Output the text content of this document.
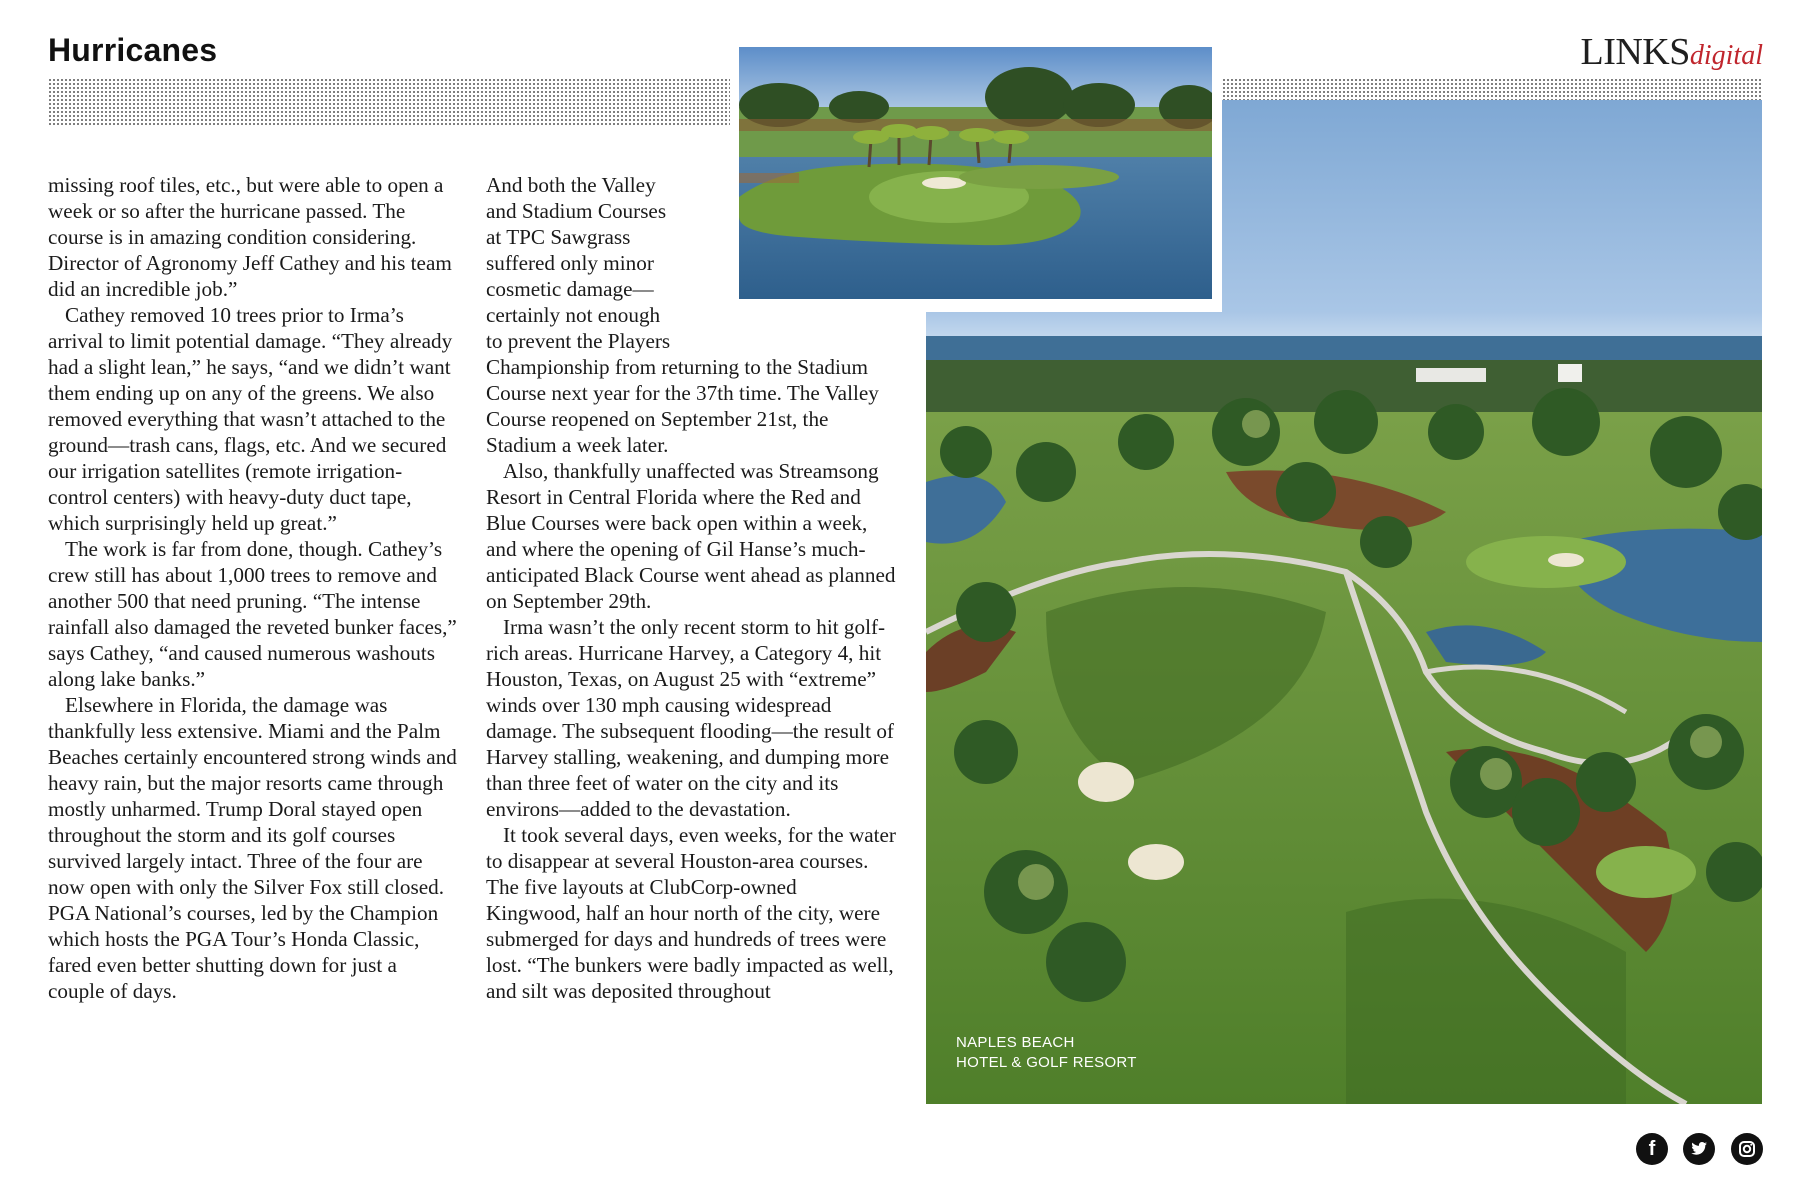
Hurricanes	LINKSdigital

missing roof tiles, etc., but were able to open a week or so after the hurricane passed. The course is in amazing condition considering. Director of Agronomy Jeff Cathey and his team did an incredible job.”

Cathey removed 10 trees prior to Irma’s arrival to limit potential damage. “They already had a slight lean,” he says, “and we didn’t want them ending up on any of the greens. We also removed everything that wasn’t attached to the ground—trash cans, flags, etc. And we secured our irrigation satellites (remote irrigation-control centers) with heavy-duty duct tape, which surprisingly held up great.”

The work is far from done, though. Cathey’s crew still has about 1,000 trees to remove and another 500 that need pruning. “The intense rainfall also damaged the reveted bunker faces,” says Cathey, “and caused numerous washouts along lake banks.”

Elsewhere in Florida, the damage was thankfully less extensive. Miami and the Palm Beaches certainly encountered strong winds and heavy rain, but the major resorts came through mostly unharmed. Trump Doral stayed open throughout the storm and its golf courses survived largely intact. Three of the four are now open with only the Silver Fox still closed. PGA National’s courses, led by the Champion which hosts the PGA Tour’s Honda Classic, fared even better shutting down for just a couple of days.

And both the Valley
and Stadium Courses
at TPC Sawgrass
suffered only minor
cosmetic damage—
certainly not enough
to prevent the Players

Championship from returning to the Stadium Course next year for the 37th time. The Valley Course reopened on September 21st, the Stadium a week later.

Also, thankfully unaffected was Streamsong Resort in Central Florida where the Red and Blue Courses were back open within a week, and where the opening of Gil Hanse’s much-anticipated Black Course went ahead as planned on September 29th.

Irma wasn’t the only recent storm to hit golf-rich areas. Hurricane Harvey, a Category 4, hit Houston, Texas, on August 25 with “extreme” winds over 130 mph causing widespread damage. The subsequent flooding—the result of Harvey stalling, weakening, and dumping more than three feet of water on the city and its environs—added to the devastation.

It took several days, even weeks, for the water to disappear at several Houston-area courses. The five layouts at ClubCorp-owned Kingwood, half an hour north of the city, were submerged for days and hundreds of trees were lost. “The bunkers were badly impacted as well, and silt was deposited throughout

NAPLES BEACH
HOTEL & GOLF RESORT
f
